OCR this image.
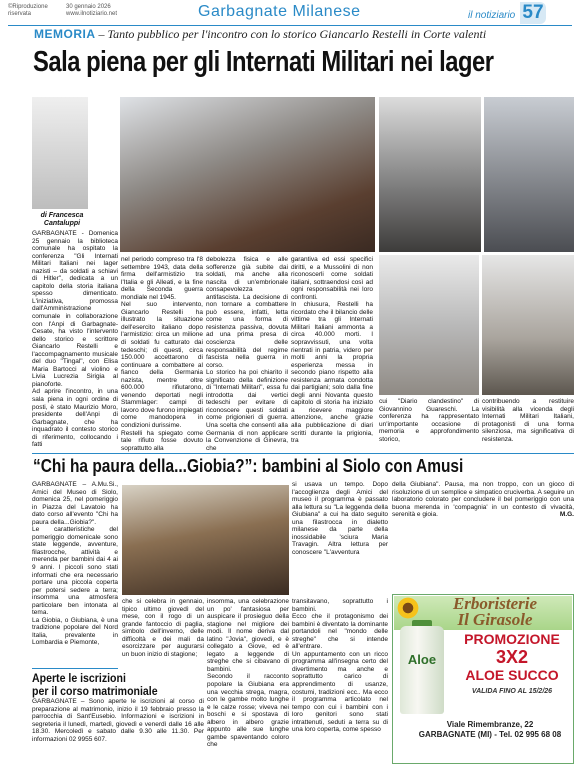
©Riproduzione riservata
30 gennaio 2026
www.ilnotiziario.net	Garbagnate Milanese	il notiziario 57
MEMORIA – Tanto pubblico per l'incontro con lo storico Giancarlo Restelli in Corte valenti
Sala piena per gli Internati Militari nei lager
di Francesca Cantaluppi
GARBAGNATE - Domenica 25 gennaio la biblioteca comunale ha ospitato la conferenza "Gli Internati Militari Italiani nei lager nazisti – da soldati a schiavi di Hitler", dedicata a un capitolo della storia italiana spesso dimenticato. L'iniziativa, promossa dall'Amministrazione comunale in collaborazione con l'Anpi di Garbagnate-Cesate, ha visto l'intervento dello storico e scrittore Giancarlo Restelli e l'accompagnamento musicale del duo "Tingal", con Elisa Maria Bartocci al violino e Livia Lucrezia Sirigia al pianoforte.
Ad aprire l'incontro, in una sala piena in ogni ordine di posti, è stato Maurizio Moro, presidente dell'Anpi di Garbagnate, che ha inquadrato il contesto storico di riferimento, collocando i fatti
nel periodo compreso tra l'8 settembre 1943, data della firma dell'armistizio tra l'Italia e gli Alleati, e la fine della Seconda guerra mondiale nel 1945.
Nel suo intervento, Giancarlo Restelli ha illustrato la situazione dell'esercito italiano dopo l'armistizio: circa un milione di soldati fu catturato dai tedeschi; di questi, circa 150.000 accettarono di continuare a combattere al fianco della Germania nazista, mentre oltre 600.000 rifiutarono, venendo deportati negli Stammlager: campi di lavoro dove furono impiegati come manodopera in condizioni durissime.
Restelli ha spiegato come tale rifiuto fosse dovuto soprattutto alla
debolezza fisica e alle sofferenze già subite dai soldati, ma anche alla nascita di un'embrionale consapevolezza antifascista. La decisione di non tornare a combattere può essere, infatti, letta come una forma di resistenza passiva, dovuta ad una prima presa di coscienza delle responsabilità del regime fascista nella guerra in corso.
Lo storico ha poi chiarito il significato della definizione di "Internati Militari", essa fu introdotta dai vertici tedeschi per evitare di riconoscere questi soldati come prigionieri di guerra. Una scelta che consentì alla Germania di non applicare la Convenzione di Ginevra, che
garantiva ed essi specifici diritti, e a Mussolini di non riconoscerli come soldati italiani, sottraendosi così ad ogni responsabilità nei loro confronti.
In chiusura, Restelli ha ricordato che il bilancio delle vittime tra gli Internati Militari Italiani ammonta a circa 40.000 morti. I sopravvissuti, una volta rientrati in patria, videro per molti anni la propria esperienza messa in secondo piano rispetto alla resistenza armata condotta dai partigiani; solo dalla fine degli anni Novanta questo capitolo di storia ha iniziato a ricevere maggiore attenzione, anche grazie alla pubblicazione di diari scritti durante la prigionia, tra
cui "Diario clandestino" di Giovannino Guareschi. La conferenza ha rappresentato un'importante occasione di memoria e approfondimento storico,
contribuendo a restituire visibilità alla vicenda degli Internati Militari Italiani, protagonisti di una forma silenziosa, ma significativa di resistenza.
“Chi ha paura della...Giobia?”: bambini al Siolo con Amusi
GARBAGNATE – A.Mu.Si., Amici del Museo di Siolo, domenica 25, nel pomeriggio in Piazza del Lavatoio ha dato corso all'evento "Chi ha paura della...Giobia?".
Le caratteristiche del pomeriggio domenicale sono state leggende, avventure, filastrocche, attività e merenda per bambini dai 4 ai 9 anni. I piccoli sono stati informati che era necessario portare una piccola coperta per potersi sedere a terra; insomma una atmosfera particolare ben intonata al tema.
La Giobia, o Giubiana, è una tradizione popolare del Nord Italia, prevalente in Lombardia e Piemonte,
che si celebra in gennaio, tipico ultimo giovedì del mese, con il rogo di un grande fantoccio di paglia, simbolo dell'inverno, delle difficoltà e dei mali da esorcizzare per augurarsi un buon inizio di stagione;
insomma, una celebrazione un po' fantasiosa per auspicare il prosieguo della stagione nel migliore dei modi. Il nome deriva dal latino "Jovia", giovedì, e è collegato a Giove, ed è legato a leggende di streghe che si cibavano di bambini.
Secondo il racconto popolare la Giubiana era una vecchia strega, magra, con le gambe molto lunghe e le calze rosse; viveva nei boschi e si spostava di albero in albero grazie appunto alle sue lunghe gambe spaventando coloro che
si usava un tempo. Dopo l'accoglienza degli Amici del museo il programma è passato alla lettura su "La leggenda della Giubiana" a cui ha dato seguito una filastrocca in dialetto milanese da parte della inossidabile 'sciura Maria Travagin. Altra lettura per conoscere "L'avventura
transitavano, soprattutto i bambini.
Ecco che il protagonismo dei bambini è diventato la dominante portandoli nel "mondo delle streghe" che si intende all'entrare.
Un appuntamento con un ricco programma all'insegna certo del divertimento ma anche e soprattutto carico di apprendimento di usanze, costumi, tradizioni ecc.. Ma ecco il programma articolato nel tempo con cui i bambini con i loro genitori sono stati intrattenuti, seduti a terra su di una loro coperta, come spesso
della Giubiana". Pausa, ma non troppo, con un gioco di risoluzione di un semplice e simpatico cruciverba. A seguire un laboratorio colorato per concludere il bel pomeriggio con una buona merenda in 'compagnia' in un contesto di vivacità, serenità e gioia.	M.G.
Aperte le iscrizioni
per il corso matrimoniale
GARBAGNATE – Sono aperte le iscrizioni al corso di preparazione al matrimonio, inizio il 19 febbraio presso la parrocchia di Sant'Eusebio. Informazioni e iscrizioni in segreteria il lunedì, martedì, giovedì e venerdì dalle 16 alle 18.30. Mercoledì e sabato dalle 9.30 alle 11.30. Per informazioni 02 9955 607.
Erboristerie
Il Girasole
Aloe
PROMOZIONE
3X2
ALOE SUCCO
VALIDA FINO AL 15/2/26
Viale Rimembranze, 22
GARBAGNATE (MI) - Tel. 02 995 68 08
